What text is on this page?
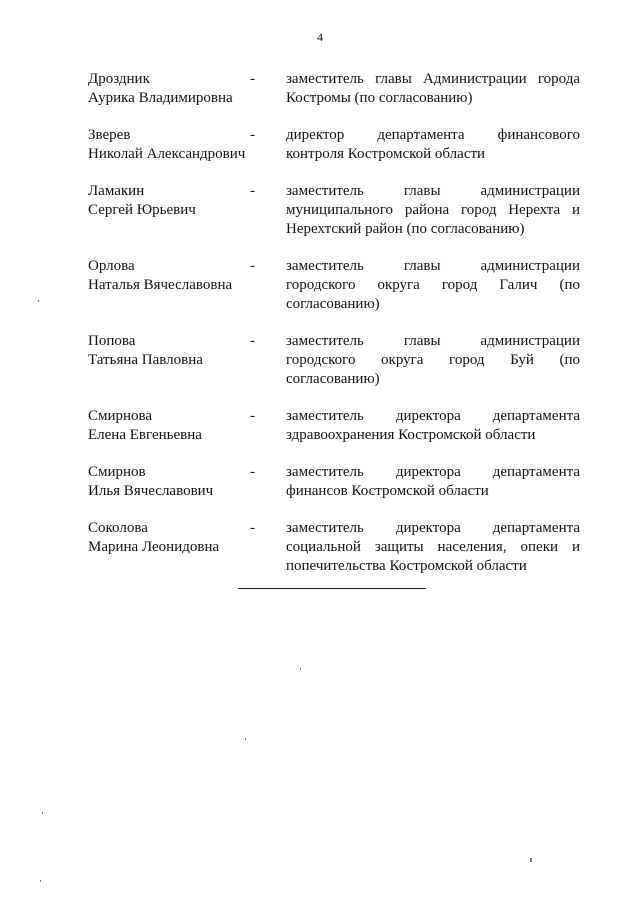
4
Дроздник
Аурика Владимировна
-	заместитель главы Администрации города Костромы (по согласованию)
Зверев
Николай Александрович
-	директор департамента финансового контроля Костромской области
Ламакин
Сергей Юрьевич
-	заместитель главы администрации муниципального района город Нерехта и Нерехтский район (по согласованию)
Орлова
Наталья Вячеславовна
-	заместитель главы администрации городского округа город Галич (по согласованию)
Попова
Татьяна Павловна
-	заместитель главы администрации городского округа город Буй (по согласованию)
Смирнова
Елена Евгеньевна
-	заместитель директора департамента здравоохранения Костромской области
Смирнов
Илья Вячеславович
-	заместитель директора департамента финансов Костромской области
Соколова
Марина Леонидовна
-	заместитель директора департамента социальной защиты населения, опеки и попечительства Костромской области
